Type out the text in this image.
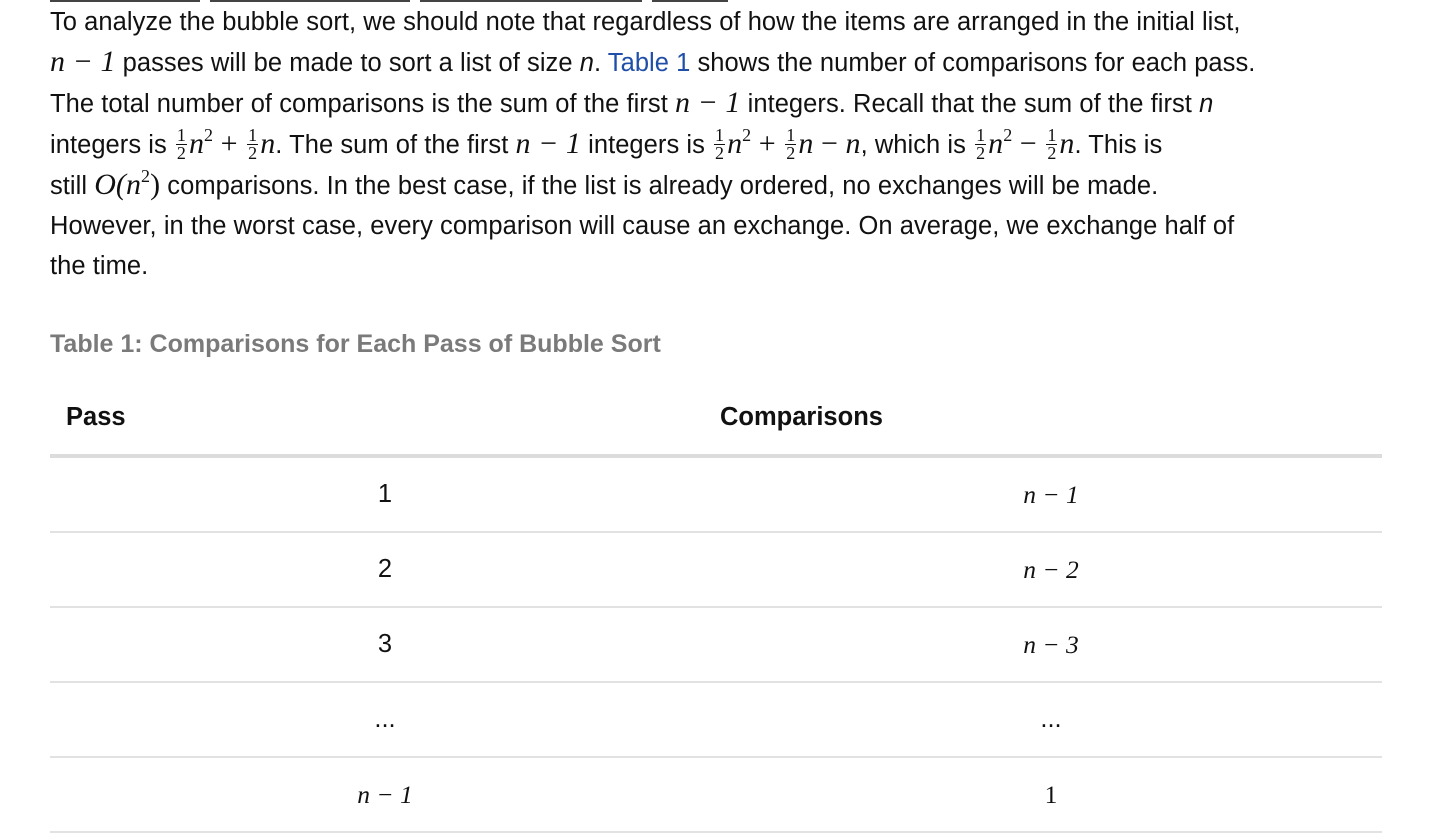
To analyze the bubble sort, we should note that regardless of how the items are arranged in the initial list,
n − 1 passes will be made to sort a list of size n. Table 1 shows the number of comparisons for each pass.
The total number of comparisons is the sum of the first n − 1 integers. Recall that the sum of the first n
integers is $\frac{1}{2} n^2 + \frac{1}{2} n$. The sum of the first n − 1 integers is $\frac{1}{2} n^2 + \frac{1}{2}$ n − n, which is $\frac{1}{2} n^2 - \frac{1}{2} n$. This is
still $O(n^2)$ comparisons. In the best case, if the list is already ordered, no exchanges will be made.
However, in the worst case, every comparison will cause an exchange. On average, we exchange half of
the time.

Table 1: Comparisons for Each Pass of Bubble Sort

Pass	Comparisons
1	n − 1
2	n − 2
3	n − 3
...	...
n − 1	1
